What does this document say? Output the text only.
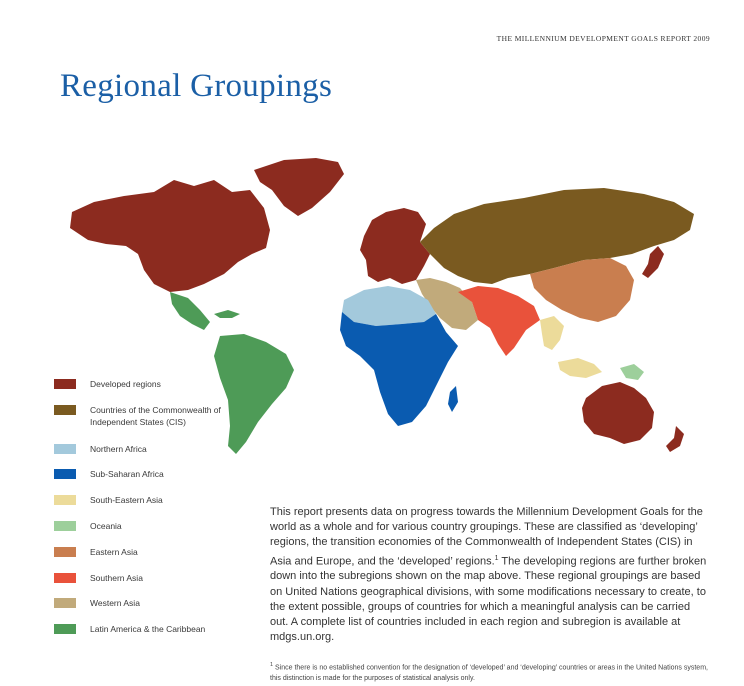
THE MILLENNIUM DEVELOPMENT GOALS REPORT 2009
Regional Groupings
Developed regions
Countries of the Commonwealth of Independent States (CIS)
Northern Africa
Sub-Saharan Africa
South-Eastern Asia
Oceania
Eastern Asia
Southern Asia
Western Asia
Latin America & the Caribbean

This report presents data on progress towards the Millennium Development Goals for the world as a whole and for various country groupings. These are classified as ‘developing’ regions, the transition economies of the Commonwealth of Independent States (CIS) in Asia and Europe, and the ‘developed’ regions.$^1$ The developing regions are further broken down into the subregions shown on the map above. These regional groupings are based on United Nations geographical divisions, with some modifications necessary to create, to the extent possible, groups of countries for which a meaningful analysis can be carried out. A complete list of countries included in each region and subregion is available at mdgs.un.org.

$^1$ Since there is no established convention for the designation of ‘developed’ and ‘developing’ countries or areas in the United Nations system, this distinction is made for the purposes of statistical analysis only.
